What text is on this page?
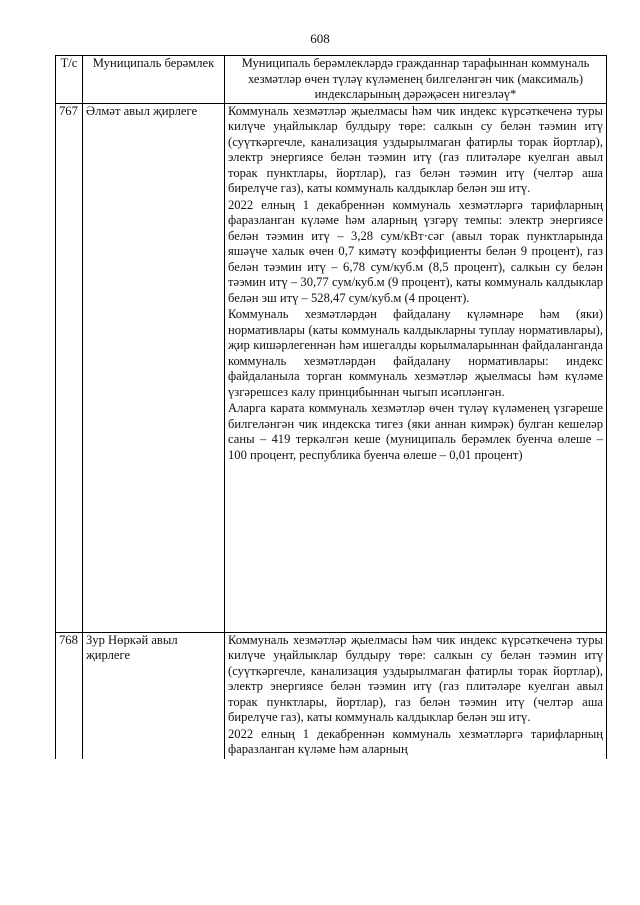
608
Т/с	Муниципаль берәмлек	Муниципаль берәмлекләрдә гражданнар тарафыннан коммуналь хезмәтләр өчен түләү күләменең билгеләнгән чик (максималь) индексларының дәрәҗәсен нигезләү*
767	Әлмәт авыл җирлеге	Коммуналь хезмәтләр җыелмасы һәм чик индекс күрсәткеченә туры килүче уңайлыклар булдыру төре: салкын су белән тәэмин итү (суүткәргечле, канализация уздырылмаган фатирлы торак йортлар), электр энергиясе белән тәэмин итү (газ плитәләре куелган авыл торак пунктлары, йортлар), газ белән тәэмин итү (челтәр аша бирелүче газ), каты коммуналь калдыклар белән эш итү.

2022 елның 1 декабреннән коммуналь хезмәтләргә тарифларның фаразланган күләме һәм аларның үзгәрү темпы: электр энергиясе белән тәэмин итү – 3,28 сум/кВт·сәг (авыл торак пунктларында яшәүче халык өчен 0,7 кимәтү коэффициенты белән 9 процент), газ белән тәэмин итү – 6,78 сум/куб.м (8,5 процент), салкын су белән тәэмин итү – 30,77 сум/куб.м (9 процент), каты коммуналь калдыклар белән эш итү – 528,47 сум/куб.м (4 процент).

Коммуналь хезмәтләрдән файдалану күләмнәре һәм (яки) нормативлары (каты коммуналь калдыкларны туплау нормативлары), җир кишәрлегеннән һәм ишегалды корылмаларыннан файдаланганда коммуналь хезмәтләрдән файдалану нормативлары: индекс файдаланыла торган коммуналь хезмәтләр җыелмасы һәм күләме үзгәрешсез калу принцибыннан чыгып исәпләнгән.

Аларга карата коммуналь хезмәтләр өчен түләү күләменең үзгәреше билгеләнгән чик индекска тигез (яки аннан кимрәк) булган кешеләр саны – 419 теркәлгән кеше (муниципаль берәмлек буенча өлеше – 100 процент, республика буенча өлеше – 0,01 процент)

768	Зур Нөркәй авыл җирлеге	Коммуналь хезмәтләр җыелмасы һәм чик индекс күрсәткеченә туры килүче уңайлыклар булдыру төре: салкын су белән тәэмин итү (суүткәргечле, канализация уздырылмаган фатирлы торак йортлар), электр энергиясе белән тәэмин итү (газ плитәләре куелган авыл торак пунктлары, йортлар), газ белән тәэмин итү (челтәр аша бирелүче газ), каты коммуналь калдыклар белән эш итү.

2022 елның 1 декабреннән коммуналь хезмәтләргә тарифларның фаразланган күләме һәм аларның
